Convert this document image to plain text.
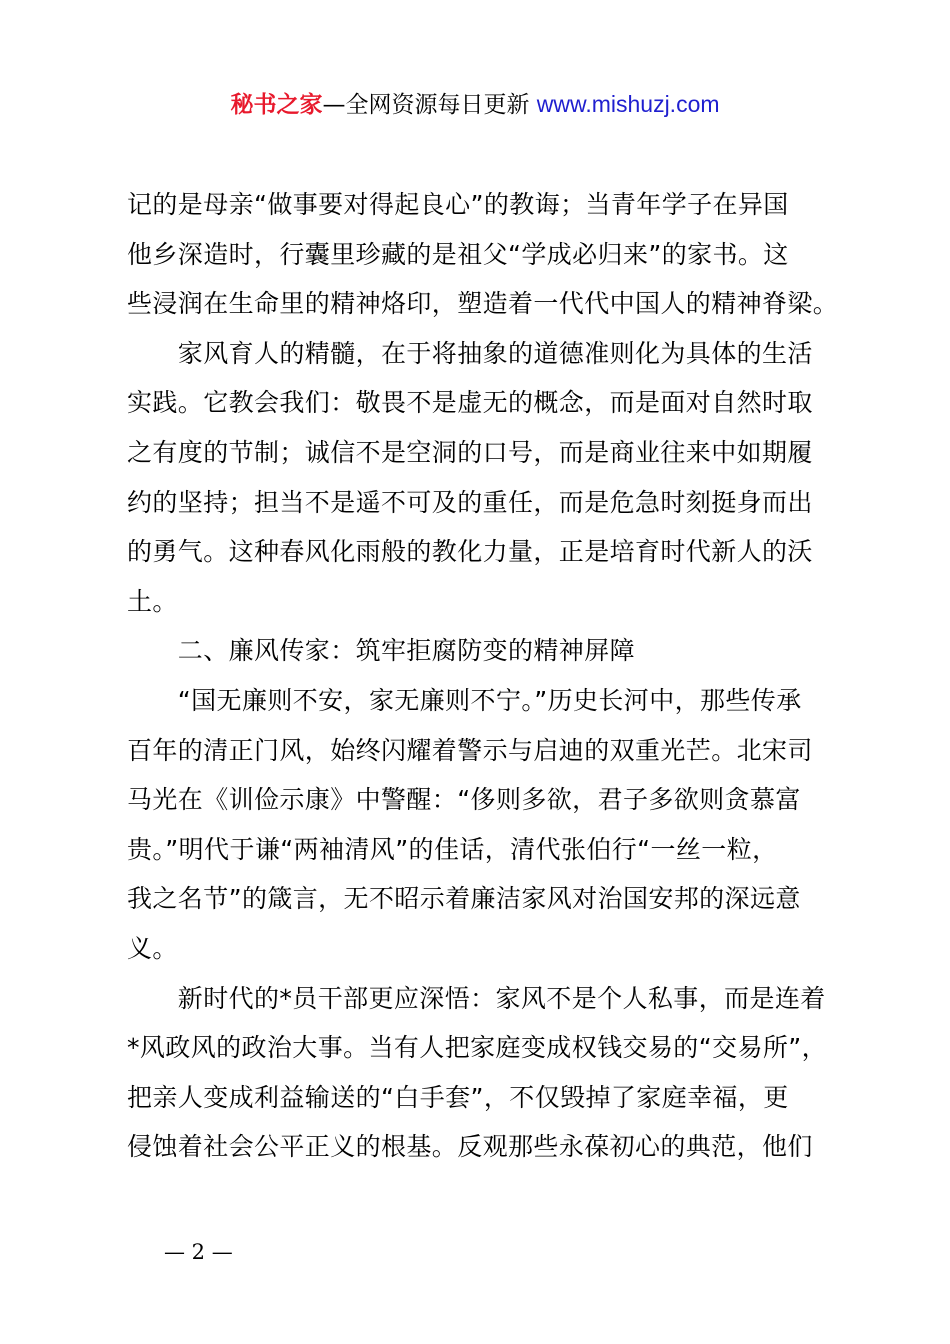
秘书之家—全网资源每日更新 www.mishuzj.com
记的是母亲“做事要对得起良心”的教诲；当青年学子在异国
他乡深造时，行囊里珍藏的是祖父“学成必归来”的家书。这
些浸润在生命里的精神烙印，塑造着一代代中国人的精神脊梁。
　　家风育人的精髓，在于将抽象的道德准则化为具体的生活
实践。它教会我们：敬畏不是虚无的概念，而是面对自然时取
之有度的节制；诚信不是空洞的口号，而是商业往来中如期履
约的坚持；担当不是遥不可及的重任，而是危急时刻挺身而出
的勇气。这种春风化雨般的教化力量，正是培育时代新人的沃
土。
　　二、廉风传家：筑牢拒腐防变的精神屏障
　　“国无廉则不安，家无廉则不宁。”历史长河中，那些传承
百年的清正门风，始终闪耀着警示与启迪的双重光芒。北宋司
马光在《训俭示康》中警醒：“侈则多欲，君子多欲则贪慕富
贵。”明代于谦“两袖清风”的佳话，清代张伯行“一丝一粒，
我之名节”的箴言，无不昭示着廉洁家风对治国安邦的深远意
义。
　　新时代的*员干部更应深悟：家风不是个人私事，而是连着
*风政风的政治大事。当有人把家庭变成权钱交易的“交易所”，
把亲人变成利益输送的“白手套”，不仅毁掉了家庭幸福，更
侵蚀着社会公平正义的根基。反观那些永葆初心的典范，他们
— 2 —
